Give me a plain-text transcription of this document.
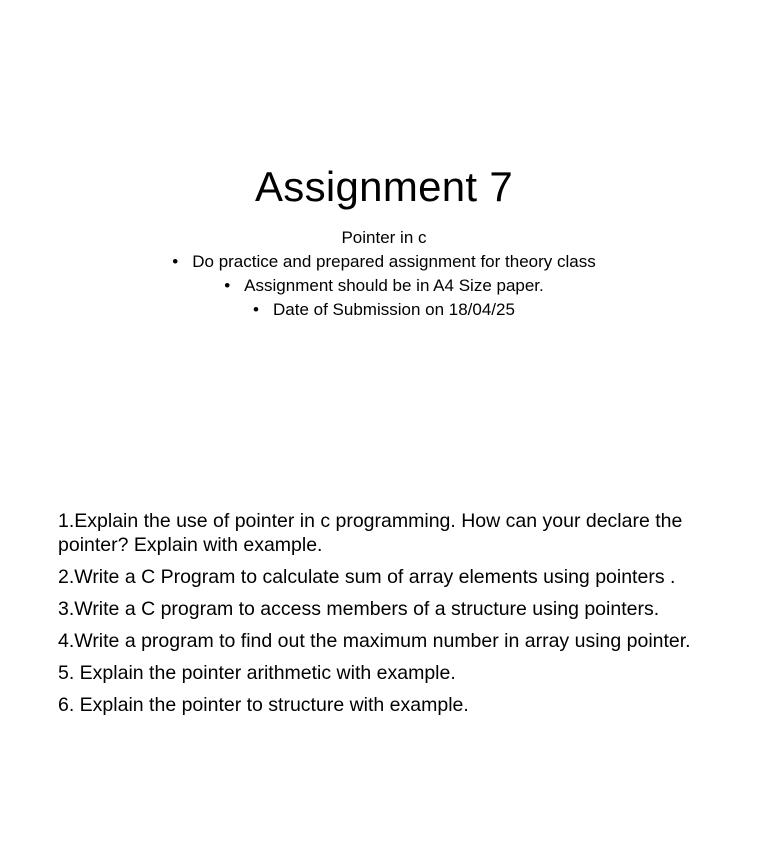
Assignment 7
Pointer in c
• Do practice and prepared assignment for theory class
• Assignment should be in A4 Size paper.
• Date of Submission on 18/04/25

1.Explain the use of pointer in c programming. How can your declare the pointer? Explain with example.

2.Write a C Program to calculate sum of array elements using pointers .

3.Write a C program to access members of a structure using pointers.

4.Write a program to find out the maximum number in array using pointer.

5. Explain the pointer arithmetic with example.

6. Explain the pointer to structure with example.
